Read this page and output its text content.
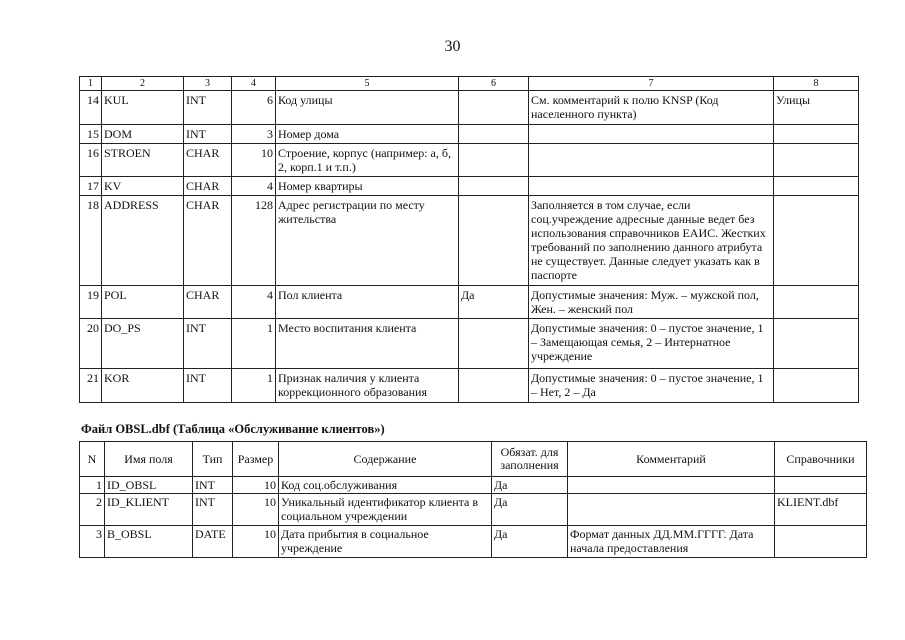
30
1	2	3	4	5	6	7	8
14	KUL	INT	6	Код улицы		См. комментарий к полю KNSP (Код населенного пункта)	Улицы
15	DOM	INT	3	Номер дома			
16	STROEN	CHAR	10	Строение, корпус (например: а, б, 2, корп.1 и т.п.)			
17	KV	CHAR	4	Номер квартиры			
18	ADDRESS	CHAR	128	Адрес регистрации по месту жительства		Заполняется в том случае, если соц.учреждение адресные данные ведет без использования справочников ЕАИС. Жестких требований по заполнению данного атрибута не существует. Данные следует указать как в паспорте	
19	POL	CHAR	4	Пол клиента	Да	Допустимые значения: Муж. – мужской пол, Жен. – женский пол	
20	DO_PS	INT	1	Место воспитания клиента		Допустимые значения: 0 – пустое значение, 1 – Замещающая семья, 2 – Интернатное учреждение	
21	KOR	INT	1	Признак наличия у клиента коррекционного образования		Допустимые значения: 0 – пустое значение, 1 – Нет, 2 – Да	
Файл OBSL.dbf (Таблица «Обслуживание клиентов»)
N	Имя поля	Тип	Размер	Содержание	Обязат. для заполнения	Комментарий	Справочники
1	ID_OBSL	INT	10	Код соц.обслуживания	Да		
2	ID_KLIENT	INT	10	Уникальный идентификатор клиента в социальном учреждении	Да		KLIENT.dbf
3	B_OBSL	DATE	10	Дата прибытия в социальное учреждение	Да	Формат данных ДД.ММ.ГГГГ. Дата начала предоставления	
